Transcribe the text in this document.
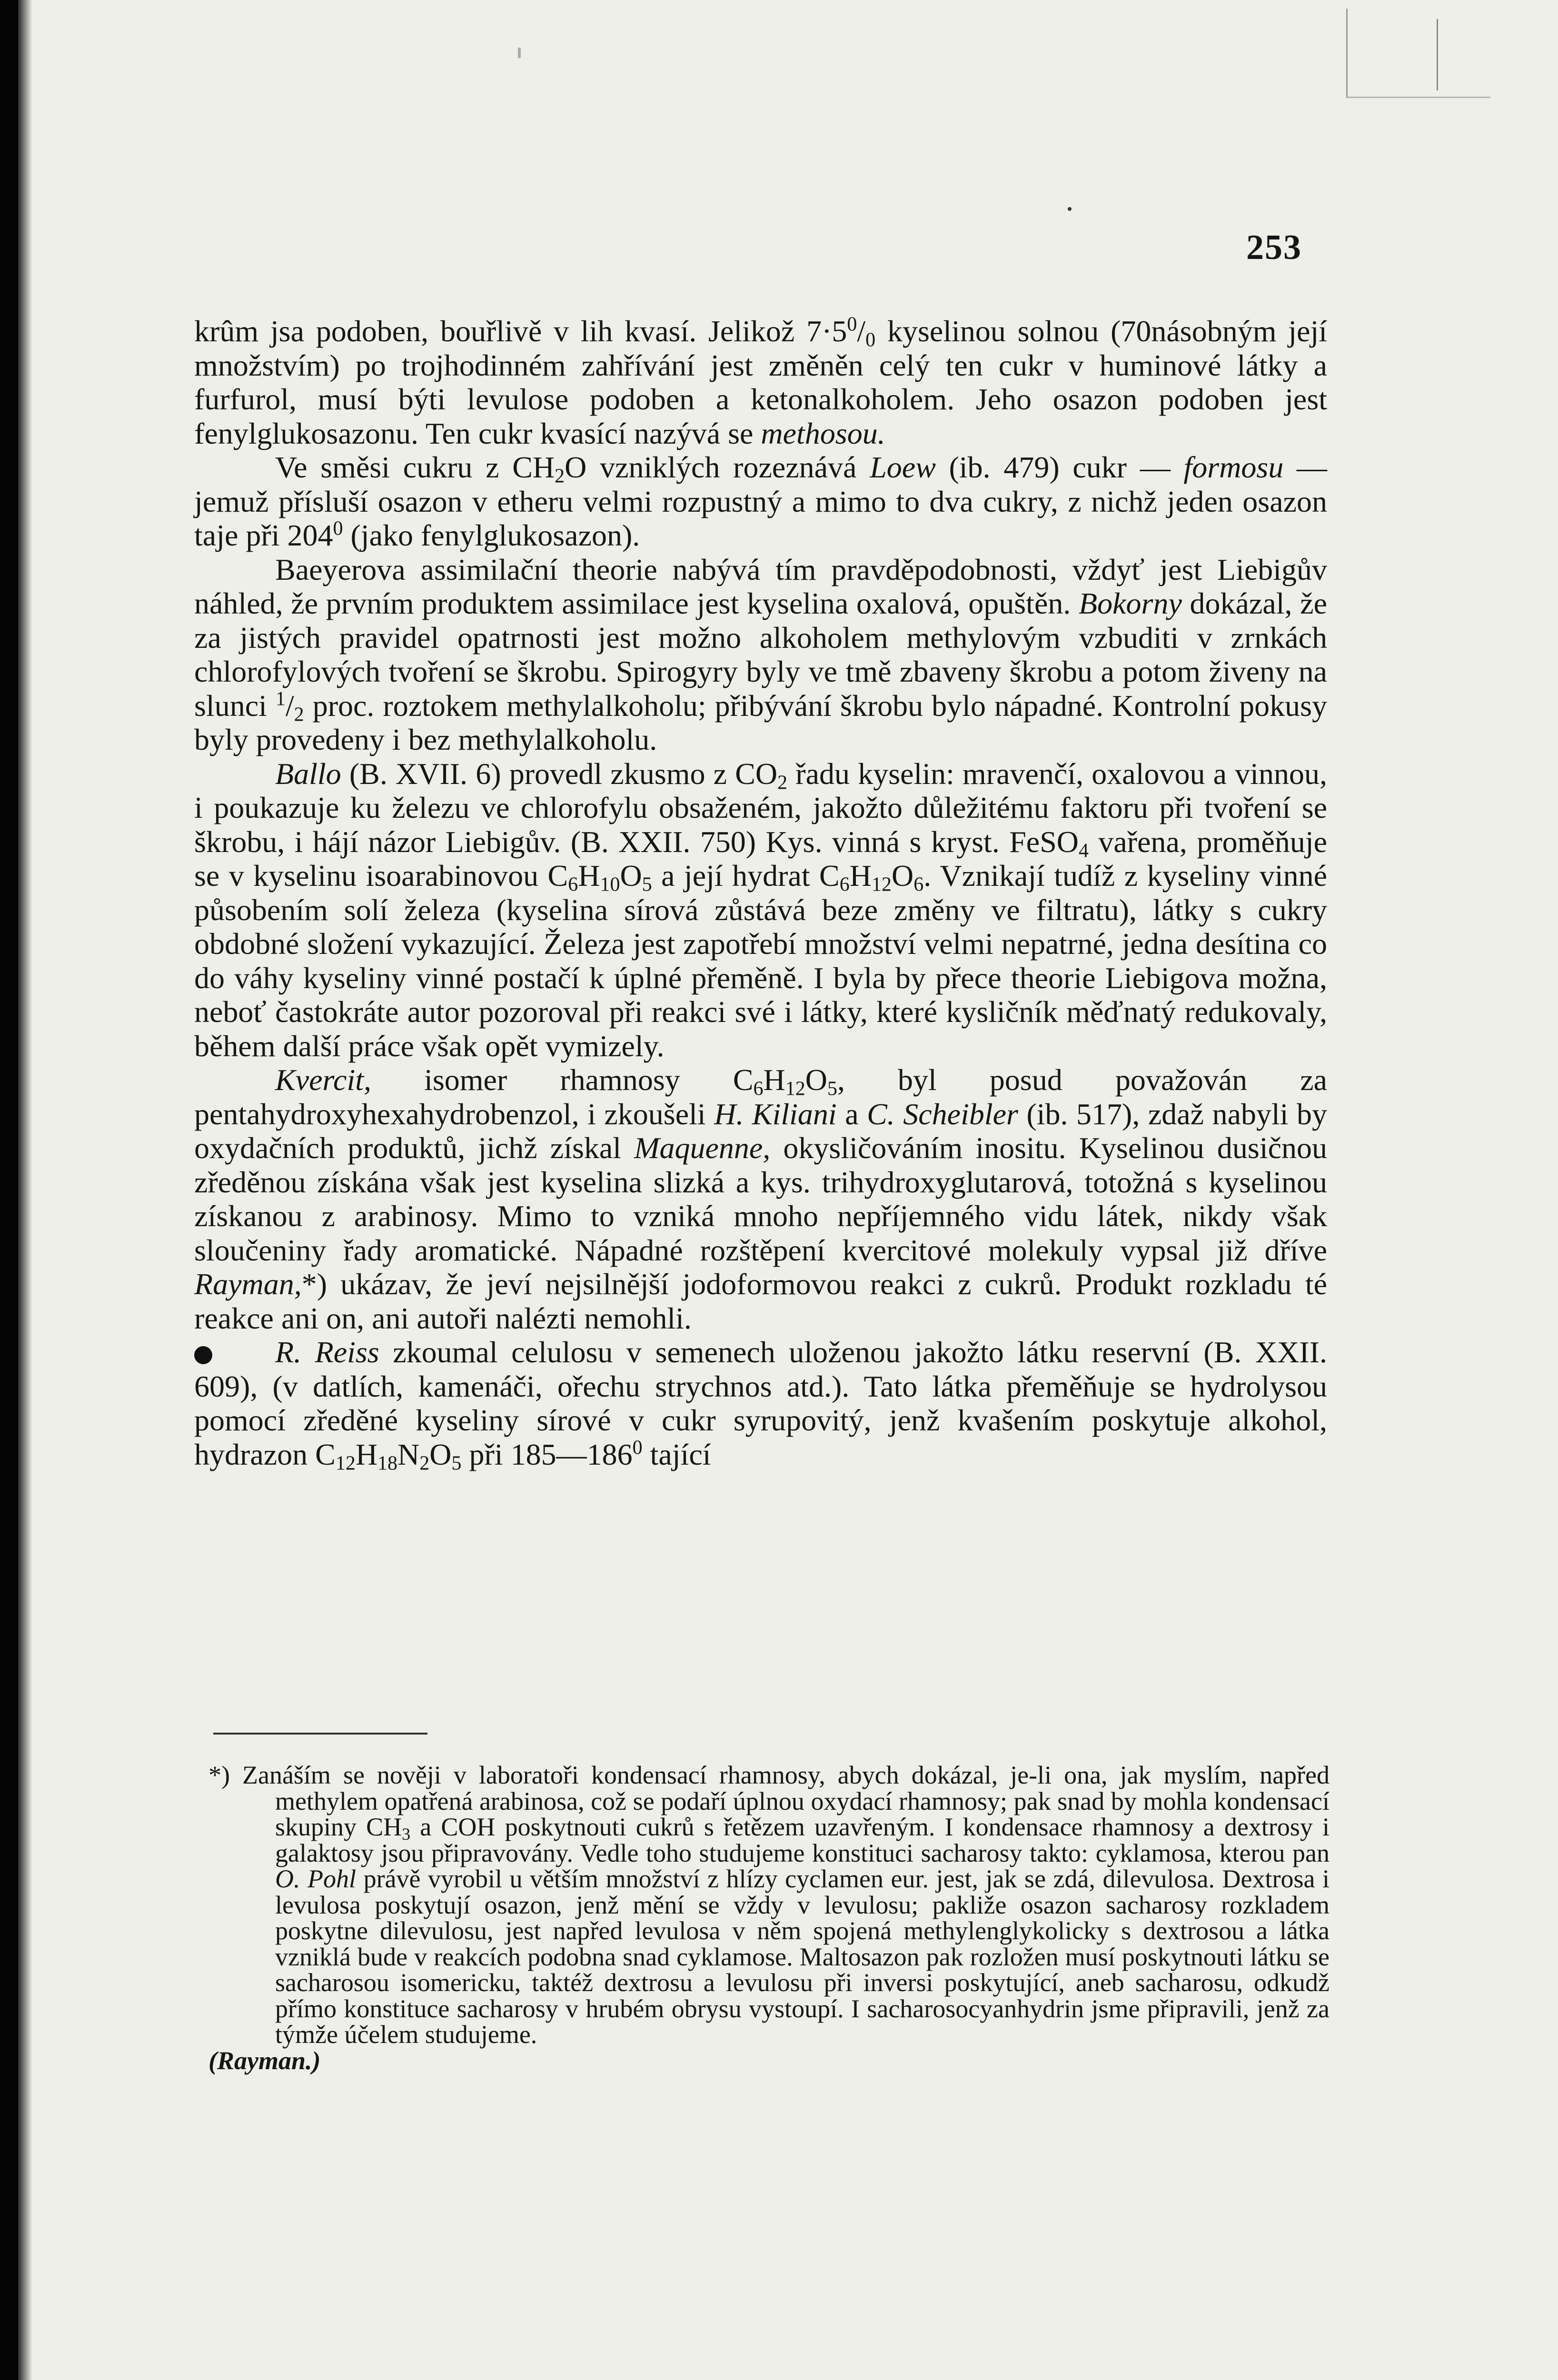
253

krûm jsa podoben, bouřlivě v lih kvasí. Jelikož $7\cdot 5^0/_0$ kyselinou solnou (70násobným její množstvím) po trojhodinném zahřívání jest změněn celý ten cukr v huminové látky a furfurol, musí býti levulose podoben a ketonalkoholem. Jeho osazon podoben jest fenylglukosazonu. Ten cukr kvasící nazývá se methosou.

Ve směsi cukru z $CH_2O$ vzniklých rozeznává Loew (ib. 479) cukr — formosu — jemuž přísluší osazon v etheru velmi rozpustný a mimo to dva cukry, z nichž jeden osazon taje při $204^0$ (jako fenylglukosazon).

Baeyerova assimilační theorie nabývá tím pravděpodobnosti, vždyť jest Liebigův náhled, že prvním produktem assimilace jest kyselina oxalová, opuštěn. Bokorny dokázal, že za jistých pravidel opatrnosti jest možno alkoholem methylovým vzbuditi v zrnkách chlorofylových tvoření se škrobu. Spirogyry byly ve tmě zbaveny škrobu a potom živeny na slunci $^1/_2$ proc. roztokem methylalkoholu; přibývání škrobu bylo nápadné. Kontrolní pokusy byly provedeny i bez methylalkoholu.

Ballo (B. XVII. 6) provedl zkusmo z $CO_2$ řadu kyselin: mravenčí, oxalovou a vinnou, i poukazuje ku železu ve chlorofylu obsaženém, jakožto důležitému faktoru při tvoření se škrobu, i hájí názor Liebigův. (B. XXII. 750) Kys. vinná s kryst. FeSO$_4$ vařena, proměňuje se v kyselinu isoarabinovou $C_6H_{10}O_5$ a její hydrat $C_6H_{12}O_6$. Vznikají tudíž z kyseliny vinné působením solí železa (kyselina sírová zůstává beze změny ve filtratu), látky s cukry obdobné složení vykazující. Železa jest zapotřebí množství velmi nepatrné, jedna desítina co do váhy kyseliny vinné postačí k úplné přeměně. I byla by přece theorie Liebigova možna, neboť častokráte autor pozoroval při reakci své i látky, které kysličník měďnatý redukovaly, během další práce však opět vymizely.

Kvercit, isomer rhamnosy $C_6H_{12}O_5$, byl posud považován za pentahydroxyhexahydrobenzol, i zkoušeli H. Kiliani a C. Scheibler (ib. 517), zdaž nabyli by oxydačních produktů, jichž získal Maquenne, okysličováním inositu. Kyselinou dusičnou zředěnou získána však jest kyselina slizká a kys. trihydroxyglutarová, totožná s kyselinou získanou z arabinosy. Mimo to vzniká mnoho nepříjemného vidu látek, nikdy však sloučeniny řady aromatické. Nápadné rozštěpení kvercitové molekuly vypsal již dříve Rayman,*) ukázav, že jeví nejsilnější jodoformovou reakci z cukrů. Produkt rozkladu té reakce ani on, ani autoři nalézti nemohli.

R. Reiss zkoumal celulosu v semenech uloženou jakožto látku reservní (B. XXII. 609), (v datlích, kamenáči, ořechu strychnos atd.). Tato látka přeměňuje se hydrolysou pomocí zředěné kyseliny sírové v cukr syrupovitý, jenž kvašením poskytuje alkohol, hydrazon $C_{12}H_{18}N_2O_5$ při $185—186^0$ tající

*) Zanáším se nověji v laboratoři kondensací rhamnosy, abych dokázal, je-li ona, jak myslím, napřed methylem opatřená arabinosa, což se podaří úplnou oxydací rhamnosy; pak snad by mohla kondensací skupiny $CH_3$ a COH poskytnouti cukrů s řetězem uzavřeným. I kondensace rhamnosy a dextrosy i galaktosy jsou připravovány. Vedle toho studujeme konstituci sacharosy takto: cyklamosa, kterou pan O. Pohl právě vyrobil u větším množství z hlízy cyclamen eur. jest, jak se zdá, dilevulosa. Dextrosa i levulosa poskytují osazon, jenž mění se vždy v levulosu; pakliže osazon sacharosy rozkladem poskytne dilevulosu, jest napřed levulosa v něm spojená methylenglykolicky s dextrosou a látka vzniklá bude v reakcích podobna snad cyklamose. Maltosazon pak rozložen musí poskytnouti látku se sacharosou isomericku, taktéž dextrosu a levulosu při inversi poskytující, aneb sacharosu, odkudž přímo konstituce sacharosy v hrubém obrysu vystoupí. I sacharosocyanhydrin jsme připravili, jenž za týmže účelem studujeme.

(Rayman.)
